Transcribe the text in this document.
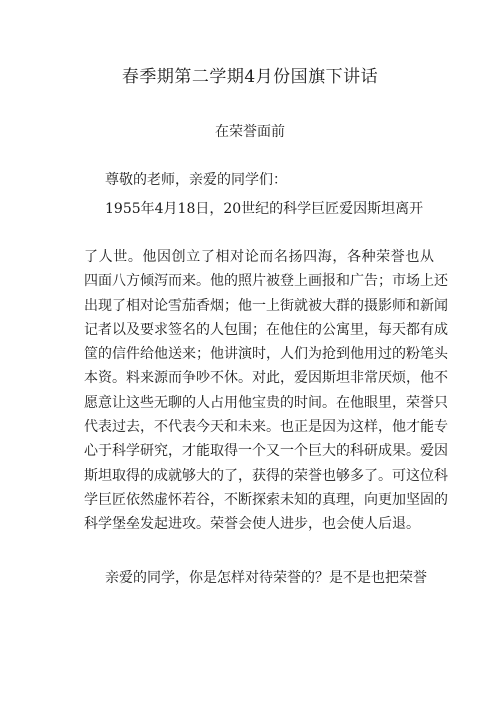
春季期第二学期4月份国旗下讲话
在荣誉面前
尊敬的老师，亲爱的同学们：
1955年4月18日，20世纪的科学巨匠爱因斯坦离开
了人世。他因创立了相对论而名扬四海，各种荣誉也从
四面八方倾泻而来。他的照片被登上画报和广告；市场上还
出现了相对论雪茄香烟；他一上街就被大群的摄影师和新闻
记者以及要求签名的人包围；在他住的公寓里，每天都有成
筐的信件给他送来；他讲演时，人们为抢到他用过的粉笔头
本资。料来源而争吵不休。对此，爱因斯坦非常厌烦，他不
愿意让这些无聊的人占用他宝贵的时间。在他眼里，荣誉只
代表过去，不代表今天和未来。也正是因为这样，他才能专
心于科学研究，才能取得一个又一个巨大的科研成果。爱因
斯坦取得的成就够大的了，获得的荣誉也够多了。可这位科
学巨匠依然虚怀若谷，不断探索未知的真理，向更加坚固的
科学堡垒发起进攻。荣誉会使人进步，也会使人后退。
亲爱的同学，你是怎样对待荣誉的？是不是也把荣誉
